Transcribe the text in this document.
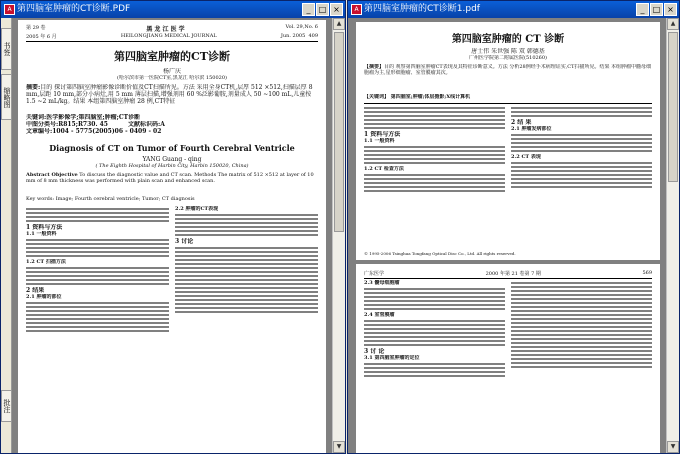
A 第四脑室肿瘤的CT诊断.PDF	_	□ ×
书签
缩略图
批注
第 29 卷	黑 龙 江 医 学	Vol. 29,No. 6
2005 年 6 月	HEILONGJIANG MEDICAL JOURNAL	Jun. 2005 409
第四脑室肿瘤的CT诊断
杨广庆
(哈尔滨市第一医院CT室,黑龙江 哈尔滨 150020)
摘要:目的 探讨第四脑室肿瘤影像诊断价值及CT扫描所见。方法 采用全身CT机,层厚 512 ×512,扫描层厚 8 mm,层距 10 mm,部分小病灶,用 5 mm 薄层扫描,增强剂用 60 %泛影葡胺,剂量成人 50 ~100 mL,儿童按 1.5 ~2 mL/kg。结果 本组第四脑室肿瘤 28 例,CT特征
关键词:医学影像学;第四脑室;肿瘤;CT诊断
中图分类号:R815;R730. 45	文献标识码:A
文章编号:1004 - 5775(2005)06 - 0409 - 02
Diagnosis of CT on Tumor of Fourth Cerebral Ventricle
YANG Guang - qing
( The Eighth Hospital of Harbin City, Harbin 150020, China)
Abstract Objective To discuss the diagnostic value and CT scan. Methods The matrix of 512 ×512 at layer of 10 mm of 8 mm thickness was performed with plain scan and enhanced scan.
Key words: Image; Fourth cerebral ventricle; Tumor; CT diagnosis
1 资料与方法
1.1 一般资料
1.2 CT 扫描方法
2 结果
2.1 肿瘤的部位
2.2 肿瘤的CT表现
3 讨论
▲
▼
A 第四脑室肿瘤的CT诊断1.pdf	_	□ ×
第四脑室肿瘤的 CT 诊断
唐士伟 朱世强 陈 双 韩德基
广州医学院第二附属医院(510260)
【摘要】目的 观察第四脑室肿瘤CT表现及其特征诊断意义。方法 分析28例经手术病理证实,CT扫描所见。结果 本组肿瘤中髓母细胞瘤为主,星形细胞瘤、室管膜瘤其次。
【关键词】 第四脑室;肿瘤;体层摄影;X线计算机
1 资料与方法
1.1 一般资料
1.2 CT 检查方法
2 结 果
2.1 肿瘤发病部位
2.2 CT 表现
© 1995-2006 Tsinghua Tongfang Optical Disc Co., Ltd. All rights reserved.
广东医学	2000 年第 21 卷第 7 期	569
2.3 髓母细胞瘤
2.4 室管膜瘤
3 讨 论
3.1 第四脑室肿瘤的定位
▲
▼
